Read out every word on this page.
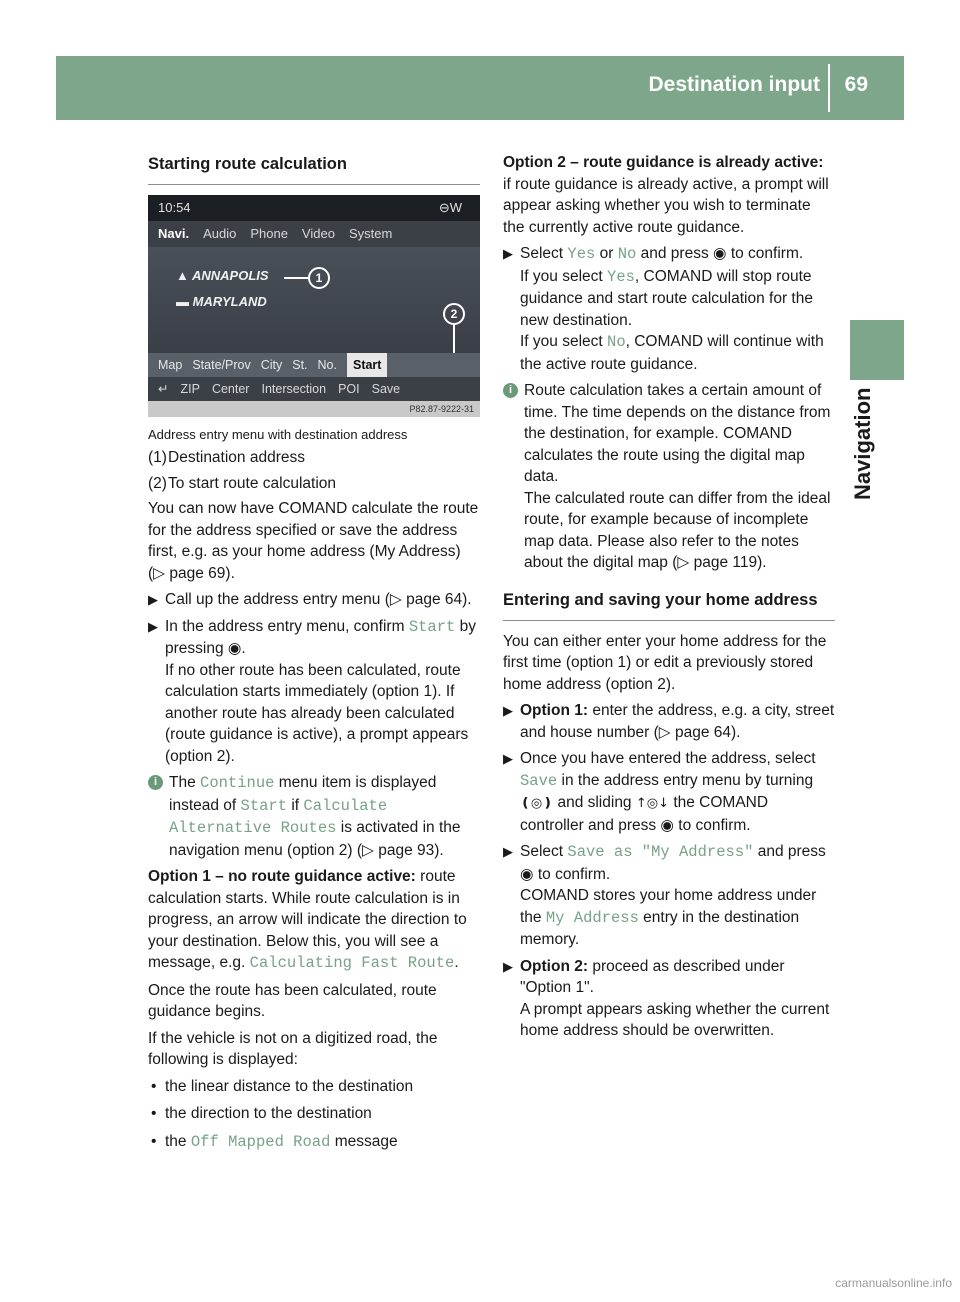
Destination input 69
Navigation
Starting route calculation
10:54	⊖W
Navi. Audio Phone Video System
▲ ANNAPOLIS
▬ MARYLAND
1
2
Map State/Prov City St. No.	Start
↵ ZIP Center Intersection POI Save
P82.87-9222-31
Address entry menu with destination address
(1) Destination address
(2) To start route calculation

You can now have COMAND calculate the route for the address specified or save the address first, e.g. as your home address (My Address) (▷ page 69).

▶ Call up the address entry menu (▷ page 64).

▶ In the address entry menu, confirm Start by pressing ◉.

If no other route has been calculated, route calculation starts immediately (option 1). If another route has already been calculated (route guidance is active), a prompt appears (option 2).

i The Continue menu item is displayed instead of Start if Calculate Alternative Routes is activated in the navigation menu (option 2) (▷ page 93).

Option 1 – no route guidance active: route calculation starts. While route calculation is in progress, an arrow will indicate the direction to your destination. Below this, you will see a message, e.g. Calculating Fast Route.

Once the route has been calculated, route guidance begins.

If the vehicle is not on a digitized road, the following is displayed:

• the linear distance to the destination
• the direction to the destination
• the Off Mapped Road message

Option 2 – route guidance is already active: if route guidance is already active, a prompt will appear asking whether you wish to terminate the currently active route guidance.

▶ Select Yes or No and press ◉ to confirm.

If you select Yes, COMAND will stop route guidance and start route calculation for the new destination.

If you select No, COMAND will continue with the active route guidance.

i Route calculation takes a certain amount of time. The time depends on the distance from the destination, for example. COMAND calculates the route using the digital map data.

The calculated route can differ from the ideal route, for example because of incomplete map data. Please also refer to the notes about the digital map (▷ page 119).

Entering and saving your home address

You can either enter your home address for the first time (option 1) or edit a previously stored home address (option 2).

▶ Option 1: enter the address, e.g. a city, street and house number (▷ page 64).

▶ Once you have entered the address, select Save in the address entry menu by turning ❪◎❫ and sliding ↑◎↓ the COMAND controller and press ◉ to confirm.

▶ Select Save as "My Address" and press ◉ to confirm.

COMAND stores your home address under the My Address entry in the destination memory.

▶ Option 2: proceed as described under "Option 1".

A prompt appears asking whether the current home address should be overwritten.

carmanualsonline.info
